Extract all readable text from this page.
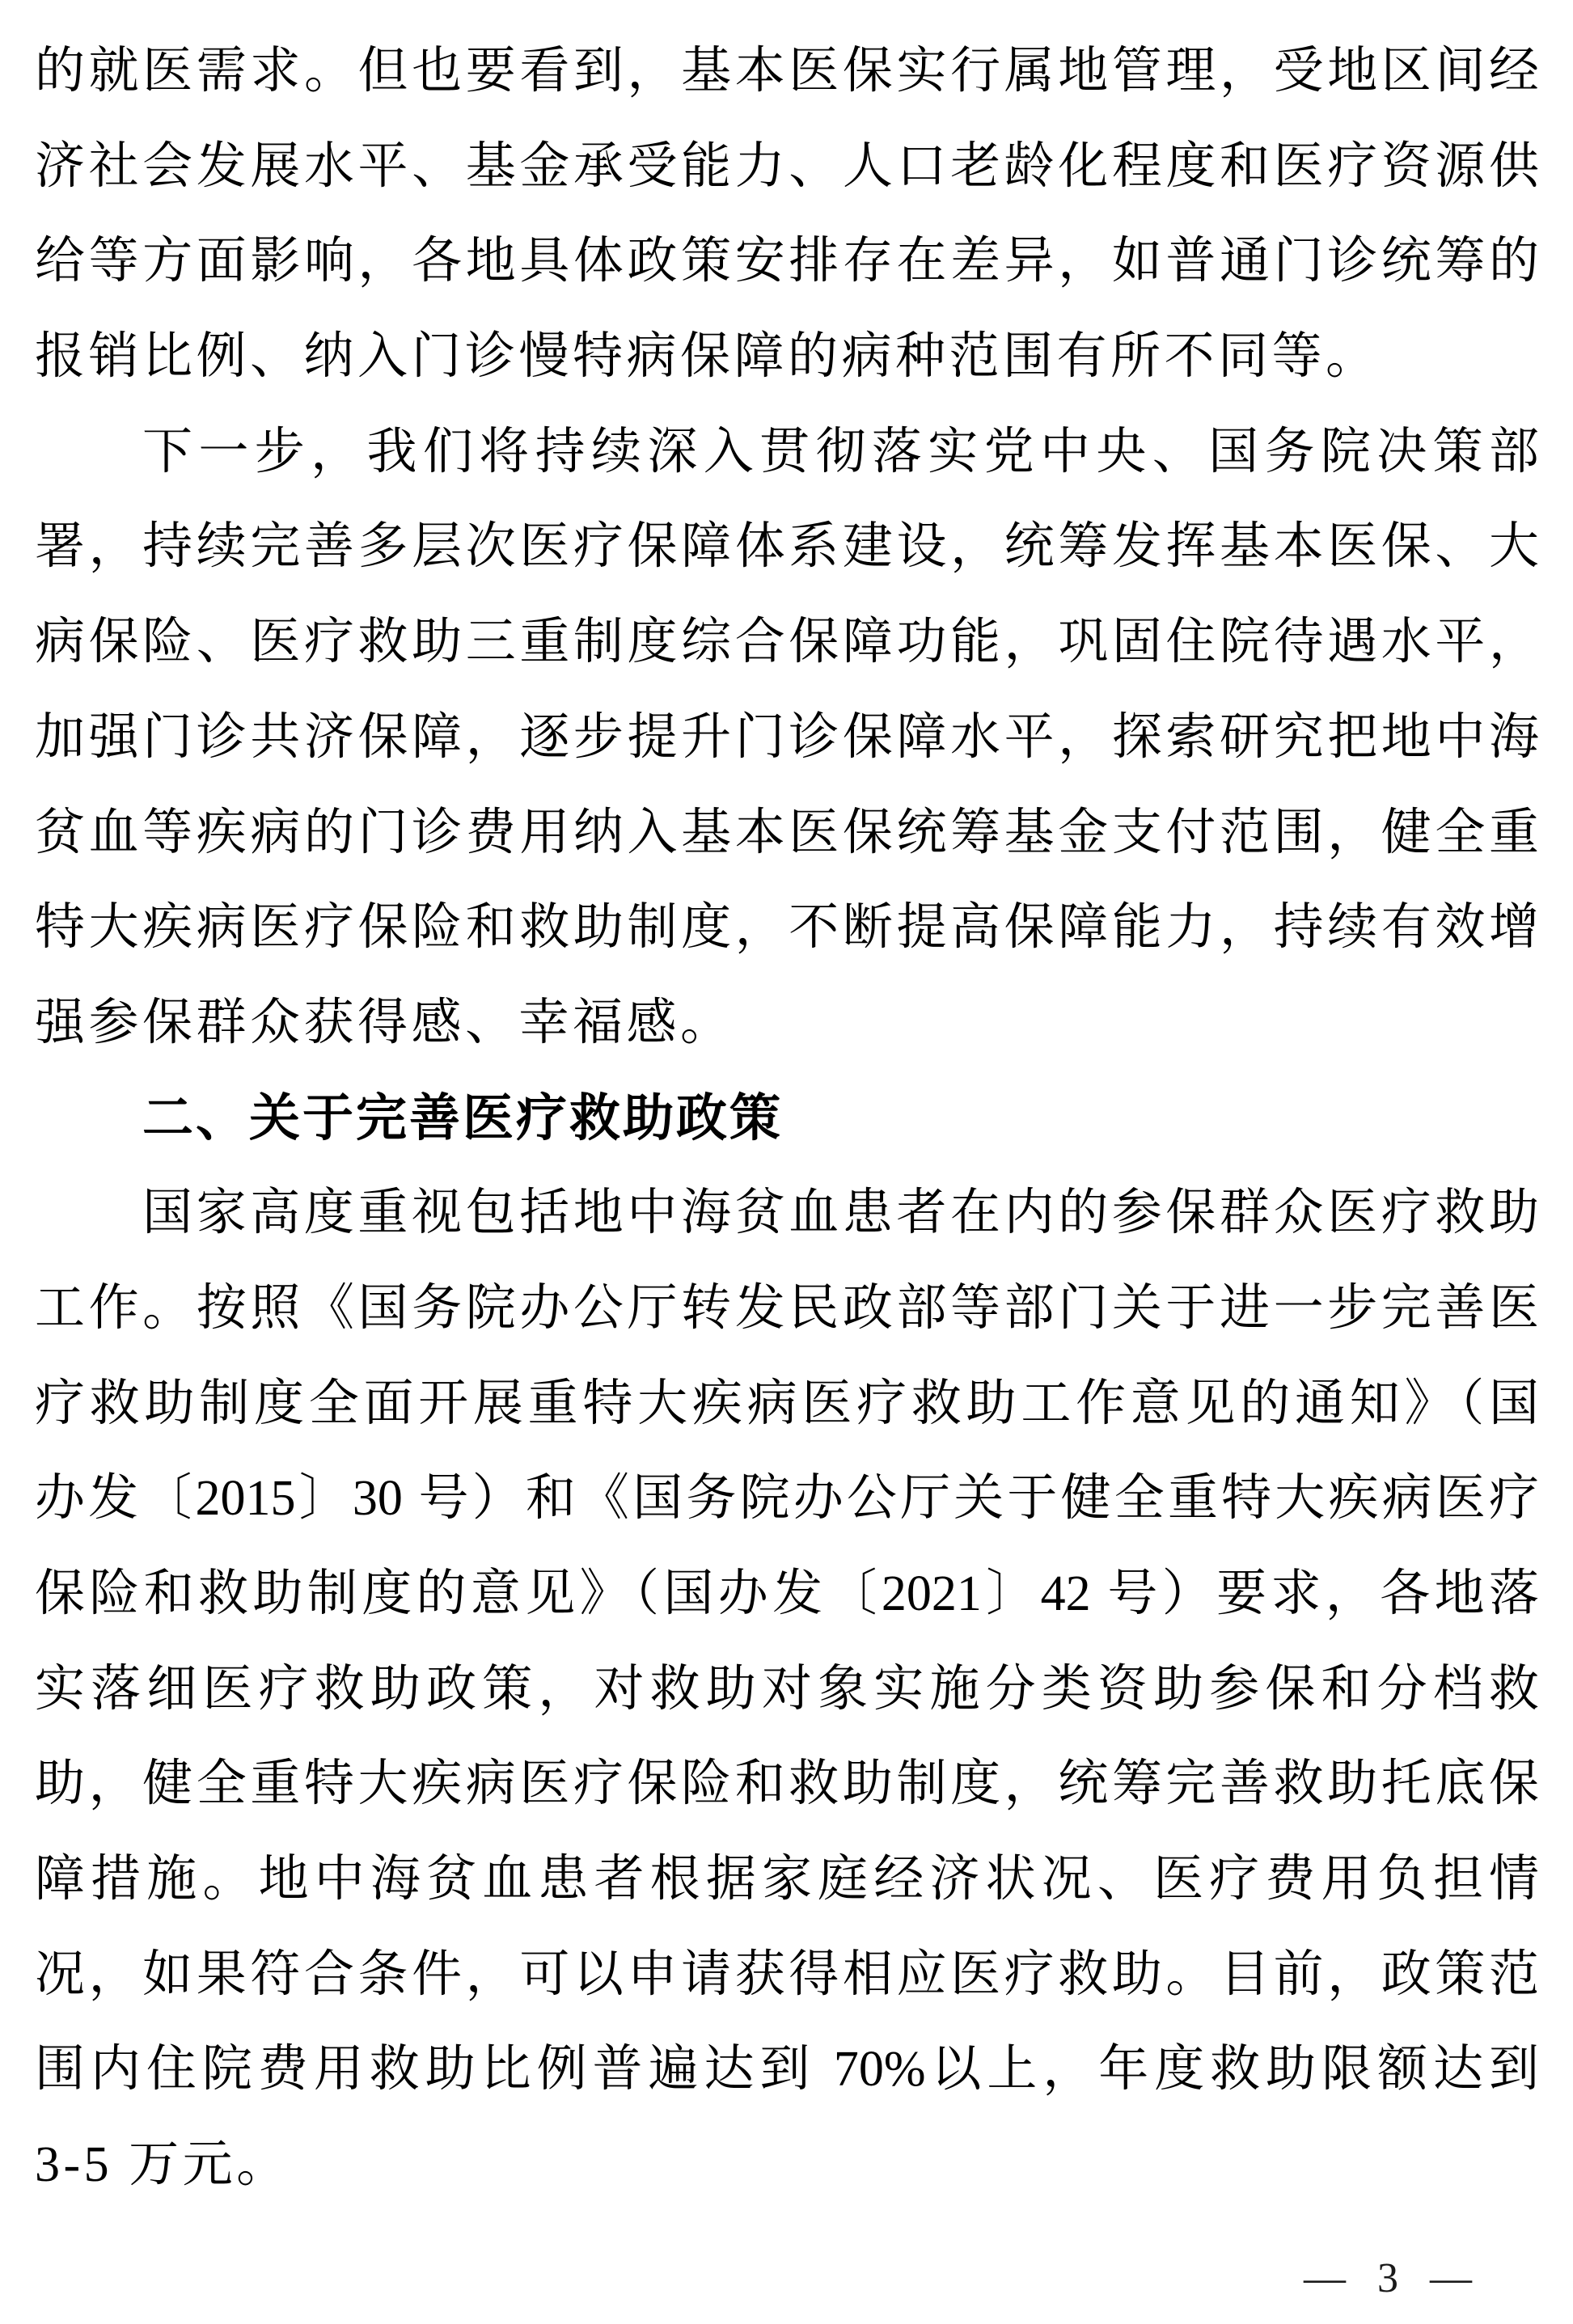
的就医需求。但也要看到，基本医保实行属地管理，受地区间经
济社会发展水平、基金承受能力、人口老龄化程度和医疗资源供
给等方面影响，各地具体政策安排存在差异，如普通门诊统筹的
报销比例、纳入门诊慢特病保障的病种范围有所不同等。
下一步，我们将持续深入贯彻落实党中央、国务院决策部
署，持续完善多层次医疗保障体系建设，统筹发挥基本医保、大
病保险、医疗救助三重制度综合保障功能，巩固住院待遇水平，
加强门诊共济保障，逐步提升门诊保障水平，探索研究把地中海
贫血等疾病的门诊费用纳入基本医保统筹基金支付范围，健全重
特大疾病医疗保险和救助制度，不断提高保障能力，持续有效增
强参保群众获得感、幸福感。
二、关于完善医疗救助政策
国家高度重视包括地中海贫血患者在内的参保群众医疗救助
工作。按照《国务院办公厅转发民政部等部门关于进一步完善医
疗救助制度全面开展重特大疾病医疗救助工作意见的通知》（国
办发〔2015〕30 号）和《国务院办公厅关于健全重特大疾病医疗
保险和救助制度的意见》（国办发〔2021〕42 号）要求，各地落
实落细医疗救助政策，对救助对象实施分类资助参保和分档救
助，健全重特大疾病医疗保险和救助制度，统筹完善救助托底保
障措施。地中海贫血患者根据家庭经济状况、医疗费用负担情
况，如果符合条件，可以申请获得相应医疗救助。目前，政策范
围内住院费用救助比例普遍达到 70%以上，年度救助限额达到
3-5 万元。
— 3 —
